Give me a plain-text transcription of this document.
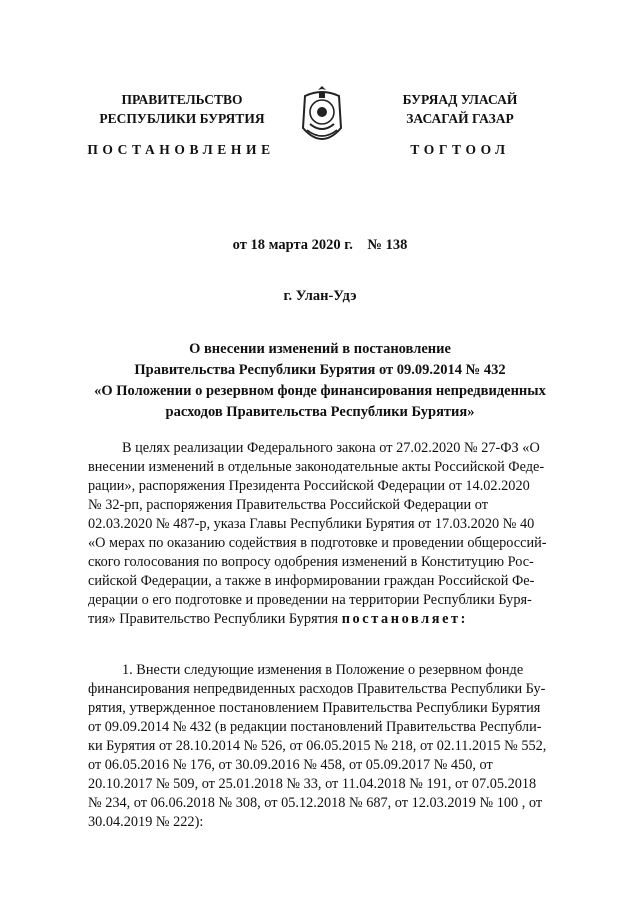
ПРАВИТЕЛЬСТВО
РЕСПУБЛИКИ БУРЯТИЯ
ПОСТАНОВЛЕНИЕ
БУРЯАД УЛАСАЙ
ЗАСАГАЙ ГАЗАР
ТОГТООЛ
от 18 марта 2020 г.    № 138
г. Улан-Удэ
О внесении изменений в постановление
Правительства Республики Бурятия от 09.09.2014 № 432
«О Положении о резервном фонде финансирования непредвиденных
расходов Правительства Республики Бурятия»
В целях реализации Федерального закона от 27.02.2020 № 27-ФЗ «О
внесении изменений в отдельные законодательные акты Российской Феде-
рации», распоряжения Президента Российской Федерации от 14.02.2020
№ 32-рп, распоряжения Правительства Российской Федерации от
02.03.2020 № 487-р, указа Главы Республики Бурятия от 17.03.2020 № 40
«О мерах по оказанию содействия в подготовке и проведении общероссий-
ского голосования по вопросу одобрения изменений в Конституцию Рос-
сийской Федерации, а также в информировании граждан Российской Фе-
дерации о его подготовке и проведении на территории Республики Буря-
тия» Правительство Республики Бурятия постановляет:
1. Внести следующие изменения в Положение о резервном фонде
финансирования непредвиденных расходов Правительства Республики Бу-
рятия, утвержденное постановлением Правительства Республики Бурятия
от 09.09.2014 № 432 (в редакции постановлений Правительства Республи-
ки Бурятия от 28.10.2014 № 526, от 06.05.2015 № 218, от 02.11.2015 № 552,
от 06.05.2016 № 176, от 30.09.2016 № 458, от 05.09.2017 № 450, от
20.10.2017 № 509, от 25.01.2018 № 33, от 11.04.2018 № 191, от 07.05.2018
№ 234, от 06.06.2018 № 308, от 05.12.2018 № 687, от 12.03.2019 № 100 , от
30.04.2019 № 222):
